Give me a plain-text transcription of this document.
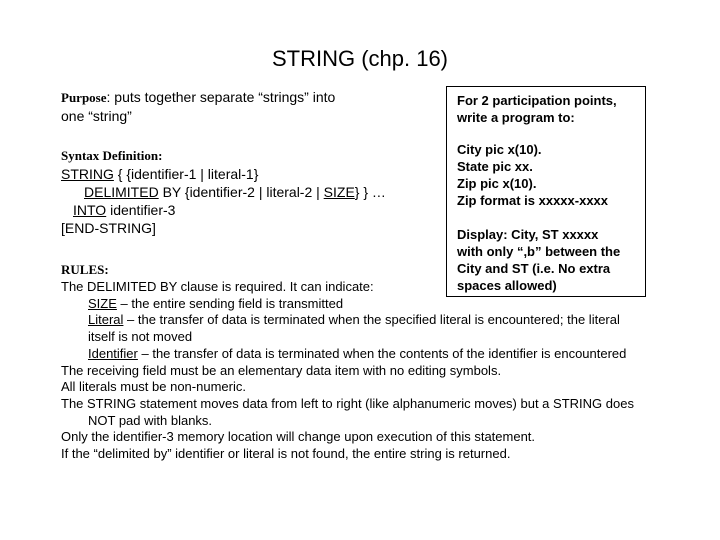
STRING (chp. 16)
Purpose: puts together separate “strings” into
one “string”
Syntax Definition:
STRING { {identifier-1 | literal-1}
DELIMITED BY {identifier-2 | literal-2 | SIZE} } …
INTO identifier-3
[END-STRING]
RULES:

For 2 participation points,

write a program to:

City pic x(10).

State pic xx.

Zip pic x(10).

Zip format is xxxxx-xxxx

Display: City, ST xxxxx

with only “,b” between the

City and ST (i.e. No extra

spaces allowed)

The DELIMITED BY clause is required. It can indicate:
SIZE – the entire sending field is transmitted
Literal – the transfer of data is terminated when the specified literal is encountered; the literal
itself is not moved
Identifier – the transfer of data is terminated when the contents of the identifier is encountered
The receiving field must be an elementary data item with no editing symbols.
All literals must be non-numeric.
The STRING statement moves data from left to right (like alphanumeric moves) but a STRING does
NOT pad with blanks.
Only the identifier-3 memory location will change upon execution of this statement.
If the “delimited by” identifier or literal is not found, the entire string is returned.
